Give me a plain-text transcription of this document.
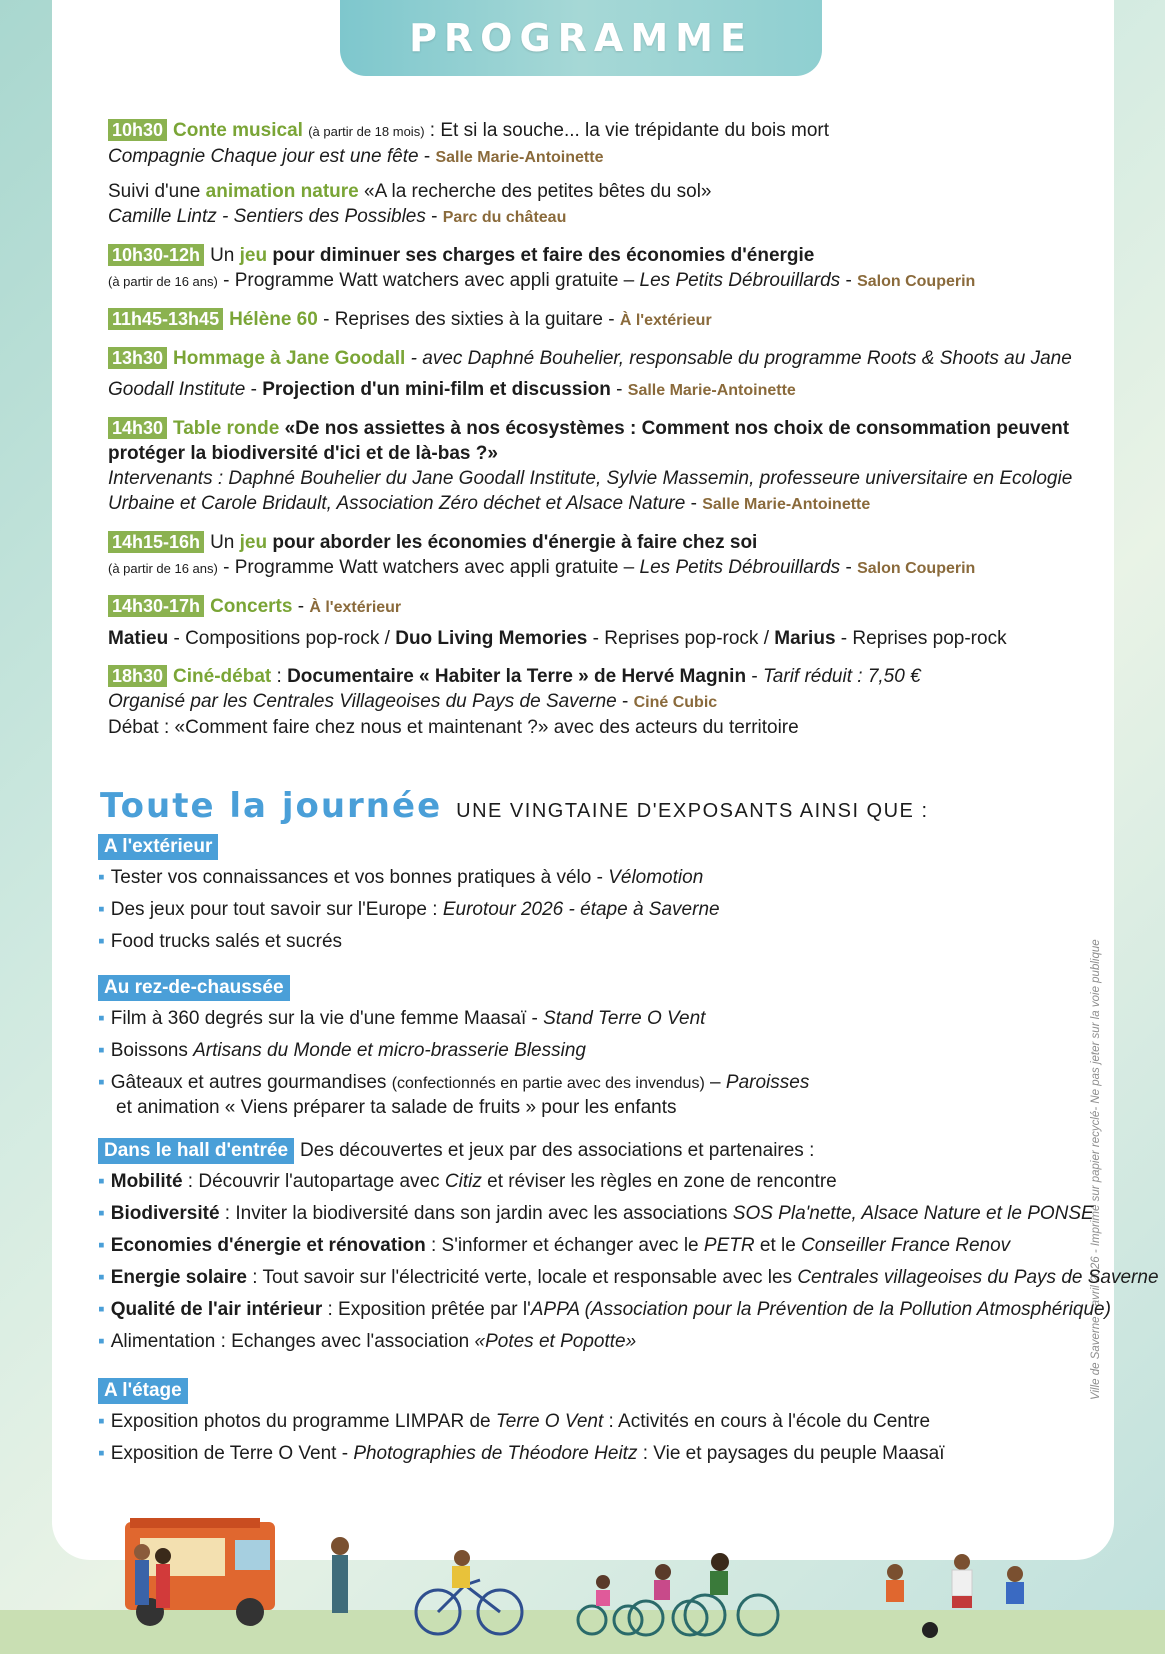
PROGRAMME
Ville de Saverne - avril 2026 - Imprimé sur papier recyclé- Ne pas jeter sur la voie publique
10h30 Conte musical (à partir de 18 mois) : Et si la souche... la vie trépidante du bois mort
Compagnie Chaque jour est une fête - Salle Marie-Antoinette
Suivi d'une animation nature «A la recherche des petites bêtes du sol»
Camille Lintz - Sentiers des Possibles - Parc du château
10h30-12h Un jeu pour diminuer ses charges et faire des économies d'énergie
(à partir de 16 ans) - Programme Watt watchers avec appli gratuite – Les Petits Débrouillards - Salon Couperin
11h45-13h45 Hélène 60 - Reprises des sixties à la guitare - À l'extérieur
13h30 Hommage à Jane Goodall - avec Daphné Bouhelier, responsable du programme Roots & Shoots au Jane
Goodall Institute - Projection d'un mini-film et discussion - Salle Marie-Antoinette
14h30 Table ronde «De nos assiettes à nos écosystèmes : Comment nos choix de consommation peuvent
protéger la biodiversité d'ici et de là-bas ?»
Intervenants : Daphné Bouhelier du Jane Goodall Institute, Sylvie Massemin, professeure universitaire en Ecologie
Urbaine et Carole Bridault, Association Zéro déchet et Alsace Nature - Salle Marie-Antoinette
14h15-16h Un jeu pour aborder les économies d'énergie à faire chez soi
(à partir de 16 ans) - Programme Watt watchers avec appli gratuite – Les Petits Débrouillards - Salon Couperin
14h30-17h Concerts - À l'extérieur
Matieu - Compositions pop-rock / Duo Living Memories - Reprises pop-rock / Marius - Reprises pop-rock
18h30 Ciné-débat : Documentaire « Habiter la Terre » de Hervé Magnin - Tarif réduit : 7,50 €
Organisé par les Centrales Villageoises du Pays de Saverne - Ciné Cubic
Débat : «Comment faire chez nous et maintenant ?» avec des acteurs du territoire
Toute la journée UNE VINGTAINE D'EXPOSANTS AINSI QUE :
A l'extérieur
▪ Tester vos connaissances et vos bonnes pratiques à vélo - Vélomotion
▪ Des jeux pour tout savoir sur l'Europe : Eurotour 2026 - étape à Saverne
▪ Food trucks salés et sucrés
Au rez-de-chaussée
▪ Film à 360 degrés sur la vie d'une femme Maasaï - Stand Terre O Vent
▪ Boissons Artisans du Monde et micro-brasserie Blessing
▪ Gâteaux et autres gourmandises (confectionnés en partie avec des invendus) – Paroisses
et animation « Viens préparer ta salade de fruits » pour les enfants
Dans le hall d'entrée Des découvertes et jeux par des associations et partenaires :
▪ Mobilité : Découvrir l'autopartage avec Citiz et réviser les règles en zone de rencontre
▪ Biodiversité : Inviter la biodiversité dans son jardin avec les associations SOS Pla'nette, Alsace Nature et le PONSE
▪ Economies d'énergie et rénovation : S'informer et échanger avec le PETR et le Conseiller France Renov
▪ Energie solaire : Tout savoir sur l'électricité verte, locale et responsable avec les Centrales villageoises du Pays de Saverne
▪ Qualité de l'air intérieur : Exposition prêtée par l'APPA (Association pour la Prévention de la Pollution Atmosphérique)
▪ Alimentation : Echanges avec l'association «Potes et Popotte»
A l'étage
▪ Exposition photos du programme LIMPAR de Terre O Vent : Activités en cours à l'école du Centre
▪ Exposition de Terre O Vent - Photographies de Théodore Heitz : Vie et paysages du peuple Maasaï
